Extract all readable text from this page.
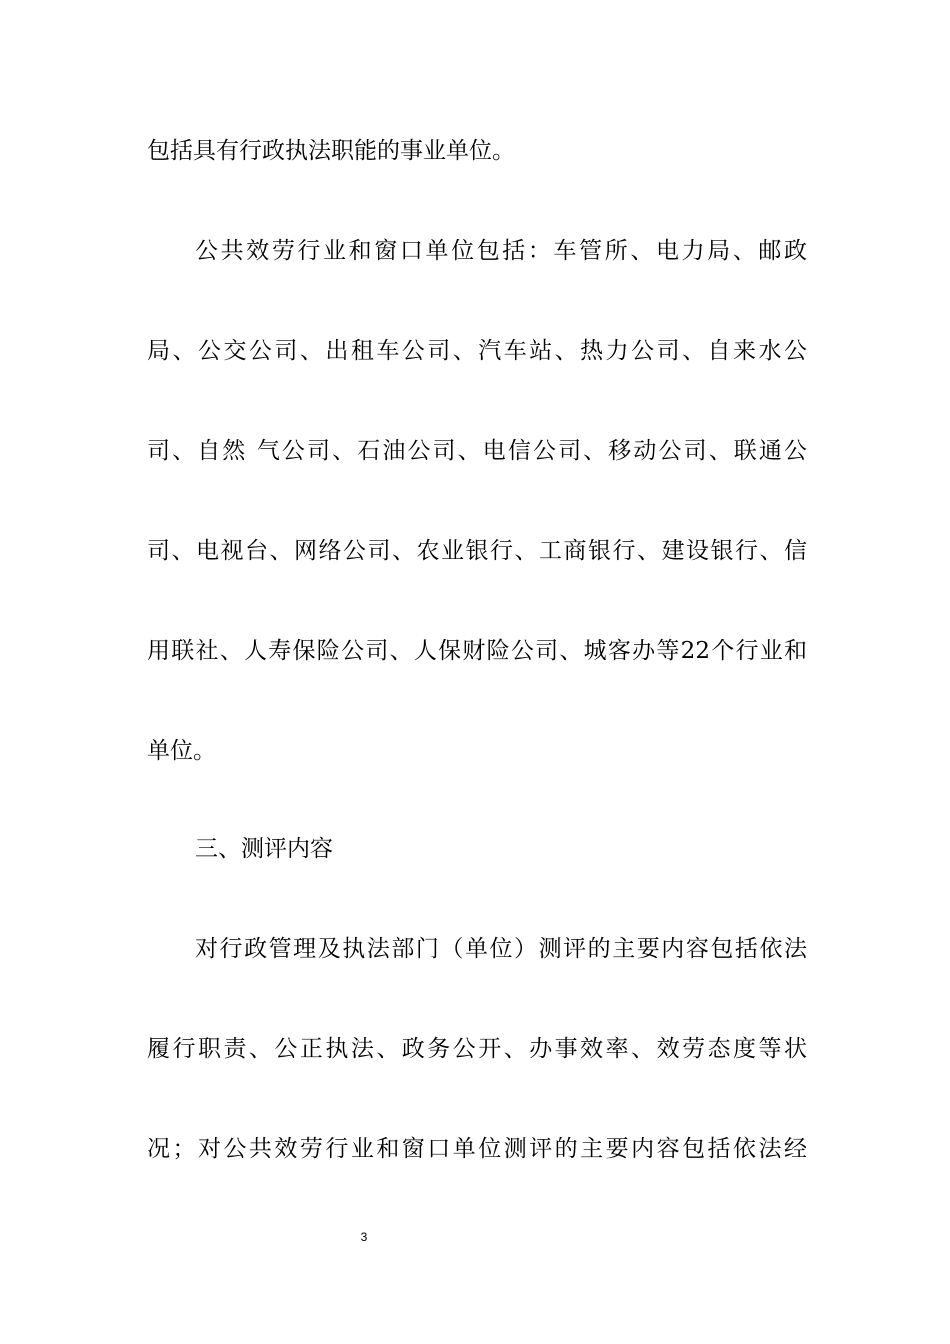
包括具有行政执法职能的事业单位。
公共效劳行业和窗口单位包括：车管所、电力局、邮政
局、公交公司、出租车公司、汽车站、热力公司、自来水公
司、自然 气公司、石油公司、电信公司、移动公司、联通公
司、电视台、网络公司、农业银行、工商银行、建设银行、信
用联社、人寿保险公司、人保财险公司、城客办等22个行业和
单位。
三、测评内容
对行政管理及执法部门（单位）测评的主要内容包括依法
履行职责、公正执法、政务公开、办事效率、效劳态度等状
况；对公共效劳行业和窗口单位测评的主要内容包括依法经
3
